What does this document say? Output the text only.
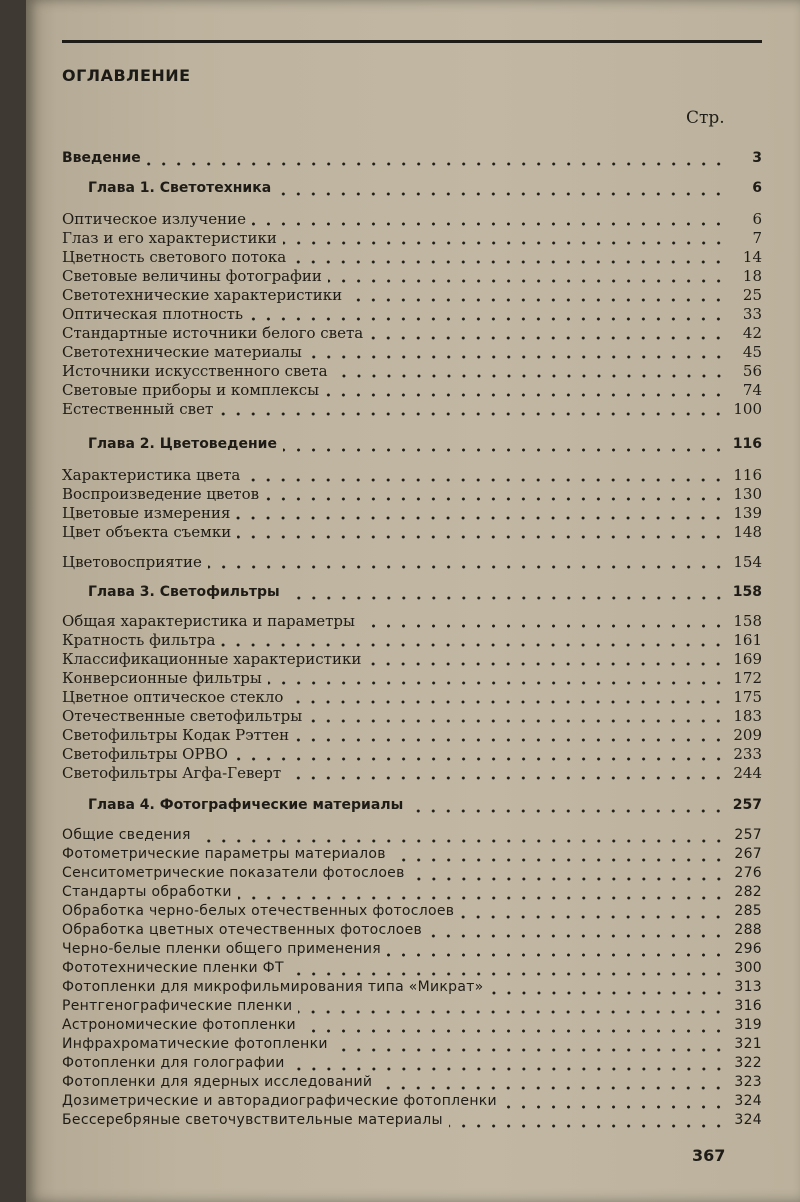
ОГЛАВЛЕНИЕ
Стр.
Введение	3
Глава 1. Светотехника	6
Оптическое излучение	6
Глаз и его характеристики	7
Цветность светового потока	14
Световые величины фотографии	18
Светотехнические характеристики	25
Оптическая плотность	33
Стандартные источники белого света	42
Светотехнические материалы	45
Источники искусственного света	56
Световые приборы и комплексы	74
Естественный свет	100
Глава 2. Цветоведение	116
Характеристика цвета	116
Воспроизведение цветов	130
Цветовые измерения	139
Цвет объекта съемки	148
Цветовосприятие	154
Глава 3. Светофильтры	158
Общая характеристика и параметры	158
Кратность фильтра	161
Классификационные характеристики	169
Конверсионные фильтры	172
Цветное оптическое стекло	175
Отечественные светофильтры	183
Светофильтры Кодак Рэттен	209
Светофильтры ОРВО	233
Светофильтры Агфа-Геверт	244
Глава 4. Фотографические материалы	257
Общие сведения	257
Фотометрические параметры материалов	267
Сенситометрические показатели фотослоев	276
Стандарты обработки	282
Обработка черно-белых отечественных фотослоев	285
Обработка цветных отечественных фотослоев	288
Черно-белые пленки общего применения	296
Фототехнические пленки ФТ	300
Фотопленки для микрофильмирования типа «Микрат»	313
Рентгенографические пленки	316
Астрономические фотопленки	319
Инфрахроматические фотопленки	321
Фотопленки для голографии	322
Фотопленки для ядерных исследований	323
Дозиметрические и авторадиографические фотопленки	324
Бессеребряные светочувствительные материалы	324
367
